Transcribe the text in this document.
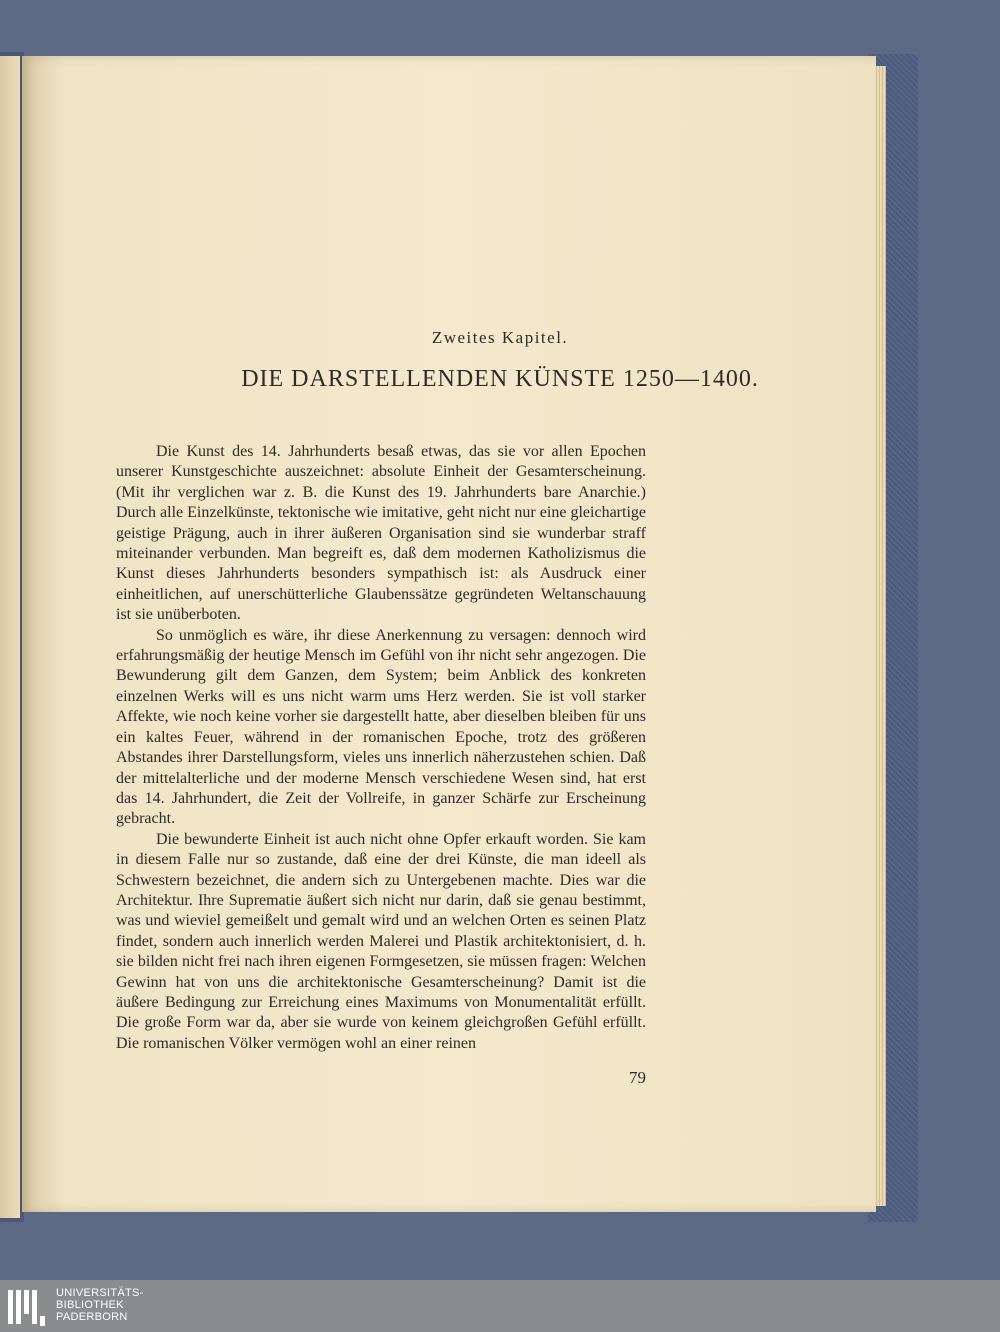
Zweites Kapitel.
DIE DARSTELLENDEN KÜNSTE 1250—1400.

Die Kunst des 14. Jahrhunderts besaß etwas, das sie vor allen Epochen unserer Kunstgeschichte auszeichnet: absolute Einheit der Gesamterscheinung. (Mit ihr verglichen war z. B. die Kunst des 19. Jahrhunderts bare Anarchie.) Durch alle Einzelkünste, tektonische wie imitative, geht nicht nur eine gleichartige geistige Prägung, auch in ihrer äußeren Organisation sind sie wunderbar straff miteinander verbunden. Man begreift es, daß dem modernen Katholizismus die Kunst dieses Jahrhunderts besonders sympathisch ist: als Ausdruck einer einheitlichen, auf unerschütterliche Glaubenssätze gegründeten Weltanschauung ist sie unüberboten.

So unmöglich es wäre, ihr diese Anerkennung zu versagen: dennoch wird erfahrungsmäßig der heutige Mensch im Gefühl von ihr nicht sehr angezogen. Die Bewunderung gilt dem Ganzen, dem System; beim Anblick des konkreten einzelnen Werks will es uns nicht warm ums Herz werden. Sie ist voll starker Affekte, wie noch keine vorher sie dargestellt hatte, aber dieselben bleiben für uns ein kaltes Feuer, während in der romanischen Epoche, trotz des größeren Abstandes ihrer Darstellungsform, vieles uns innerlich näherzustehen schien. Daß der mittelalterliche und der moderne Mensch verschiedene Wesen sind, hat erst das 14. Jahrhundert, die Zeit der Vollreife, in ganzer Schärfe zur Erscheinung gebracht.

Die bewunderte Einheit ist auch nicht ohne Opfer erkauft worden. Sie kam in diesem Falle nur so zustande, daß eine der drei Künste, die man ideell als Schwestern bezeichnet, die andern sich zu Untergebenen machte. Dies war die Architektur. Ihre Suprematie äußert sich nicht nur darin, daß sie genau bestimmt, was und wieviel gemeißelt und gemalt wird und an welchen Orten es seinen Platz findet, sondern auch innerlich werden Malerei und Plastik architektonisiert, d. h. sie bilden nicht frei nach ihren eigenen Formgesetzen, sie müssen fragen: Welchen Gewinn hat von uns die architektonische Gesamterscheinung? Damit ist die äußere Bedingung zur Erreichung eines Maximums von Monumentalität erfüllt. Die große Form war da, aber sie wurde von keinem gleichgroßen Gefühl erfüllt. Die romanischen Völker vermögen wohl an einer reinen

79
UNIVERSITÄTS-
BIBLIOTHEK
PADERBORN
